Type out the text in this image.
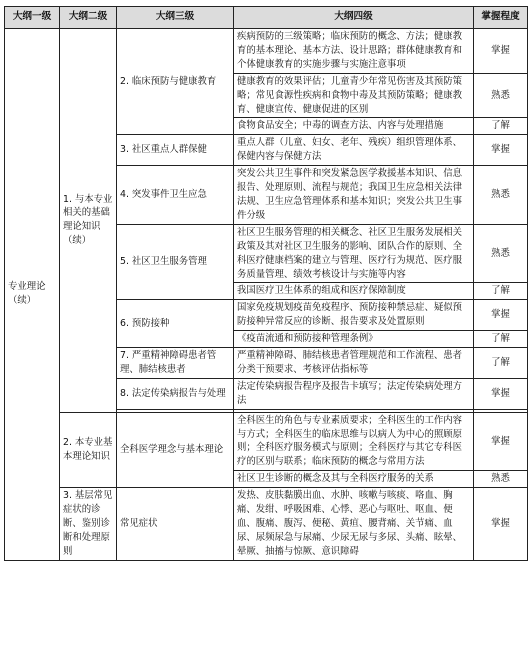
大纲一级	大纲二级	大纲三级	大纲四级	掌握程度
专业理论（续）	1. 与本专业相关的基础理论知识（续）	2. 临床预防与健康教育	疾病预防的三级策略；临床预防的概念、方法；健康教育的基本理论、基本方法、设计思路；群体健康教育和个体健康教育的实施步骤与实施注意事项	掌握
			健康教育的效果评估；儿童青少年常见伤害及其预防策略；常见食源性疾病和食物中毒及其预防策略；健康教育、健康宣传、健康促进的区别	熟悉
			食物食品安全；中毒的调查方法、内容与处理措施	了解
		3. 社区重点人群保健	重点人群（儿童、妇女、老年、残疾）组织管理体系、保健内容与保健方法	掌握
		4. 突发事件卫生应急	突发公共卫生事件和突发紧急医学救援基本知识、信息报告、处理原则、流程与规范；我国卫生应急相关法律法规、卫生应急管理体系和基本知识；突发公共卫生事件分级	熟悉
		5. 社区卫生服务管理	社区卫生服务管理的相关概念、社区卫生服务发展相关政策及其对社区卫生服务的影响、团队合作的原则、全科医疗健康档案的建立与管理、医疗行为规范、医疗服务质量管理、绩效考核设计与实施等内容	熟悉
			我国医疗卫生体系的组成和医疗保障制度	了解
		6. 预防接种	国家免疫规划疫苗免疫程序、预防接种禁忌症、疑似预防接种异常反应的诊断、报告要求及处置原则	掌握
			《疫苗流通和预防接种管理条例》	了解
		7. 严重精神障碍患者管理、肺结核患者	严重精神障碍、肺结核患者管理规范和工作流程、患者分类干预要求、考核评估指标等	了解
		8. 法定传染病报告与处理	法定传染病报告程序及报告卡填写；法定传染病处理方法	掌握

	2. 本专业基本理论知识	全科医学理念与基本理论	全科医生的角色与专业素质要求；全科医生的工作内容与方式；全科医生的临床思维与以病人为中心的照顾原则；全科医疗服务模式与原则；全科医疗与其它专科医疗的区别与联系；临床预防的概念与常用方法	掌握
			社区卫生诊断的概念及其与全科医疗服务的关系	熟悉
	3. 基层常见症状的诊断、鉴别诊断和处理原则	常见症状	发热、皮肤黏膜出血、水肿、咳嗽与咳痰、咯血、胸痛、发绀、呼吸困难、心悸、恶心与呕吐、呕血、便血、腹痛、腹泻、便秘、黄疸、腰背痛、关节痛、血尿、尿频尿急与尿痛、少尿无尿与多尿、头痛、眩晕、晕厥、抽搐与惊厥、意识障碍	掌握
